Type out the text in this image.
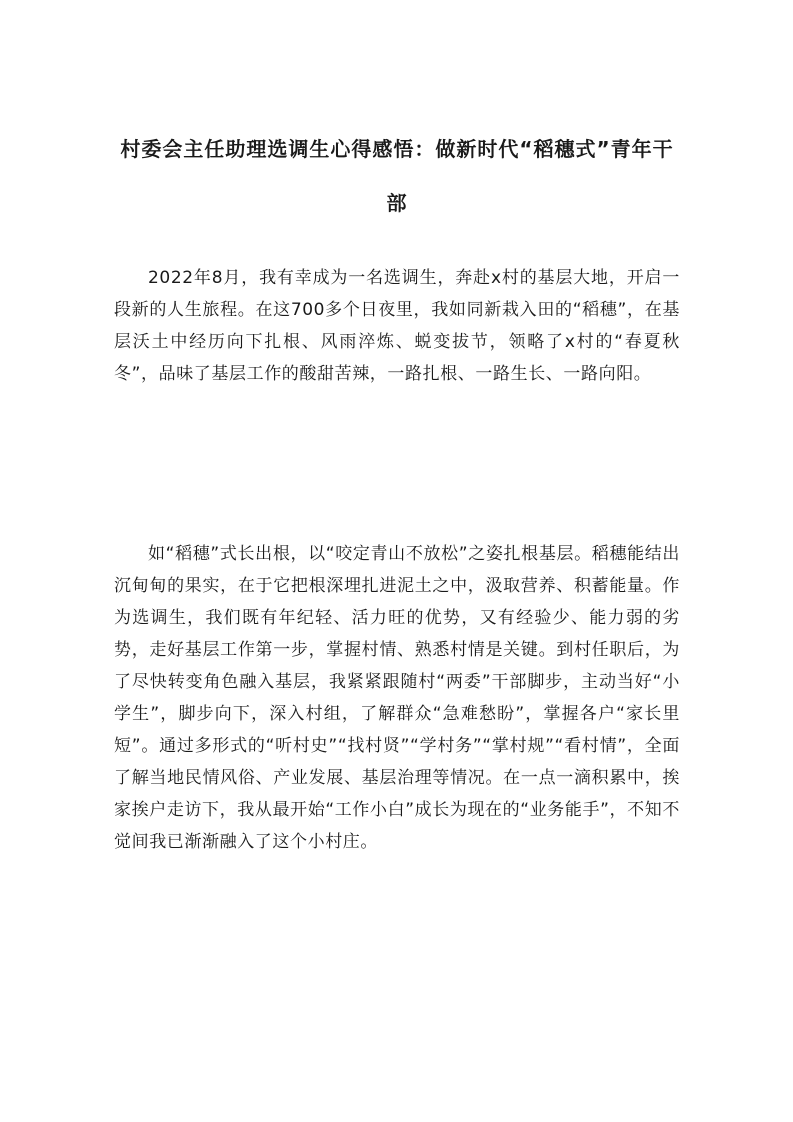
村委会主任助理选调生心得感悟：做新时代“稻穗式”青年干部

2022年8月，我有幸成为一名选调生，奔赴x村的基层大地，开启一段新的人生旅程。在这700多个日夜里，我如同新栽入田的“稻穗”，在基层沃土中经历向下扎根、风雨淬炼、蜕变拔节，领略了x村的“春夏秋冬”，品味了基层工作的酸甜苦辣，一路扎根、一路生长、一路向阳。

如“稻穗”式长出根，以“咬定青山不放松”之姿扎根基层。稻穗能结出沉甸甸的果实，在于它把根深埋扎进泥土之中，汲取营养、积蓄能量。作为选调生，我们既有年纪轻、活力旺的优势，又有经验少、能力弱的劣势，走好基层工作第一步，掌握村情、熟悉村情是关键。到村任职后，为了尽快转变角色融入基层，我紧紧跟随村“两委”干部脚步，主动当好“小学生”，脚步向下，深入村组，了解群众“急难愁盼”，掌握各户“家长里短”。通过多形式的“听村史”“找村贤”“学村务”“掌村规”“看村情”，全面了解当地民情风俗、产业发展、基层治理等情况。在一点一滴积累中，挨家挨户走访下，我从最开始“工作小白”成长为现在的“业务能手”，不知不觉间我已渐渐融入了这个小村庄。
